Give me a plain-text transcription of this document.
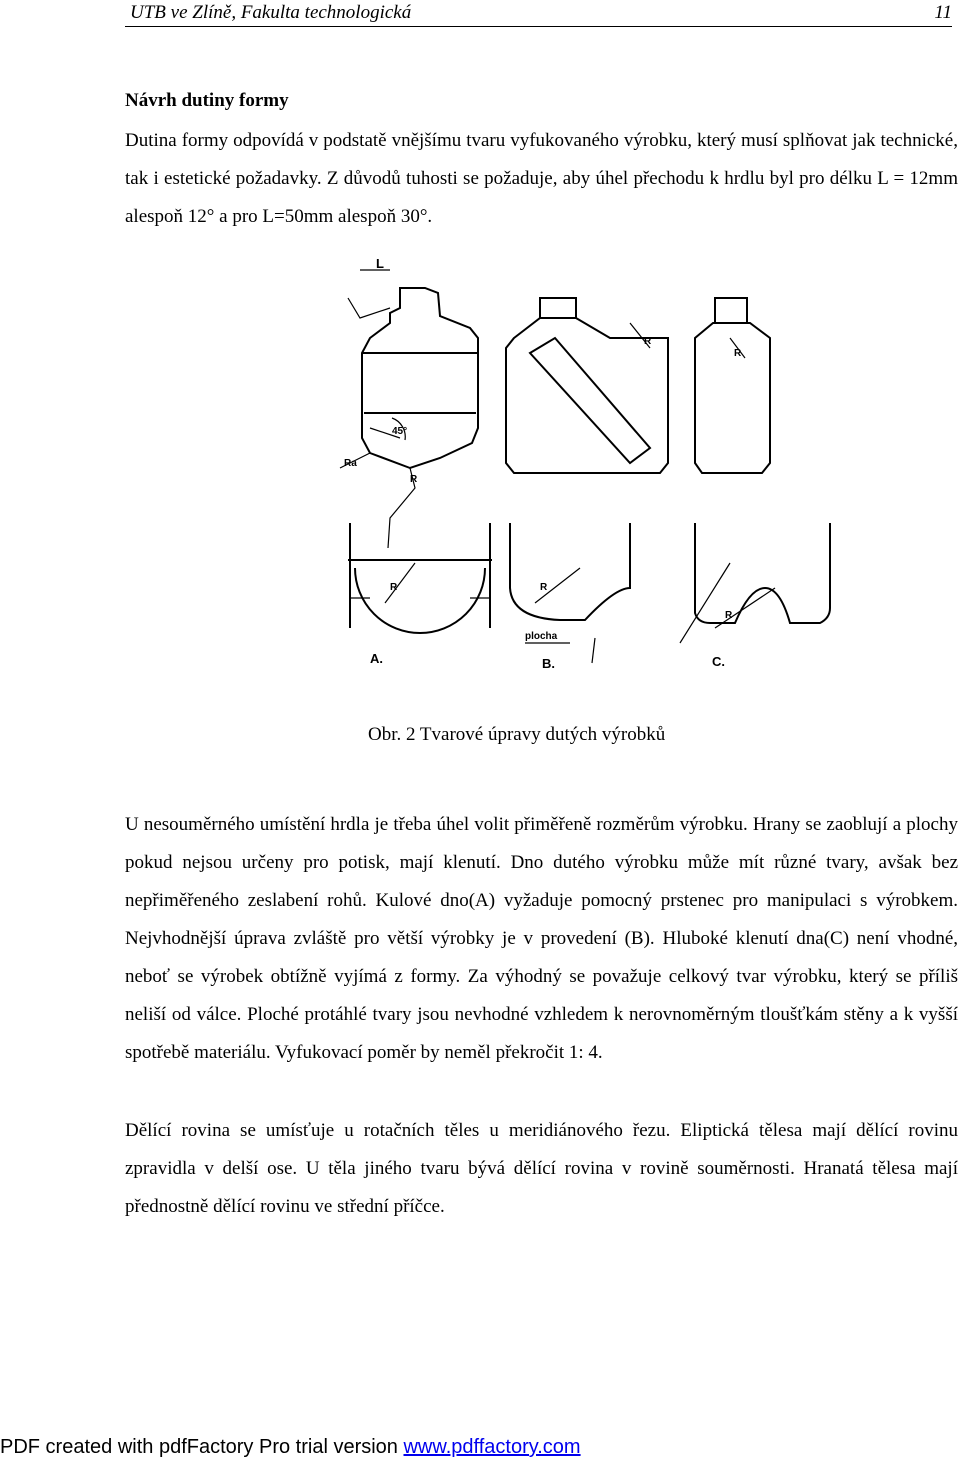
UTB ve Zlíně, Fakulta technologická	11
Návrh dutiny formy
Dutina formy odpovídá v podstatě vnějšímu tvaru vyfukovaného výrobku, který musí splňovat jak technické, tak i estetické požadavky. Z důvodů tuhosti se požaduje, aby úhel přechodu k hrdlu byl pro délku L = 12mm alespoň 12° a pro L=50mm alespoň 30°.
L
45°
Ra
R
R
R
R
A.
R
plocha
B.
R
C.
Obr. 2 Tvarové úpravy dutých výrobků
U nesouměrného umístění hrdla je třeba úhel volit přiměřeně rozměrům výrobku. Hrany se zaoblují a plochy pokud nejsou určeny pro potisk, mají klenutí. Dno dutého výrobku může mít různé tvary, avšak bez nepřiměřeného zeslabení rohů. Kulové dno(A) vyžaduje pomocný prstenec pro manipulaci s výrobkem. Nejvhodnější úprava zvláště pro větší výrobky je v provedení (B). Hluboké klenutí dna(C) není vhodné, neboť se výrobek obtížně vyjímá z formy. Za výhodný se považuje celkový tvar výrobku, který se příliš neliší od válce. Ploché protáhlé tvary jsou nevhodné vzhledem k nerovnoměrným tloušťkám stěny a k vyšší spotřebě materiálu. Vyfukovací poměr by neměl překročit 1: 4.
Dělící rovina se umísťuje u rotačních těles u meridiánového řezu. Eliptická tělesa mají dělící rovinu zpravidla v delší ose. U těla jiného tvaru bývá dělící rovina v rovině souměrnosti. Hranatá tělesa mají přednostně dělící rovinu ve střední příčce.
PDF created with pdfFactory Pro trial version www.pdffactory.com
